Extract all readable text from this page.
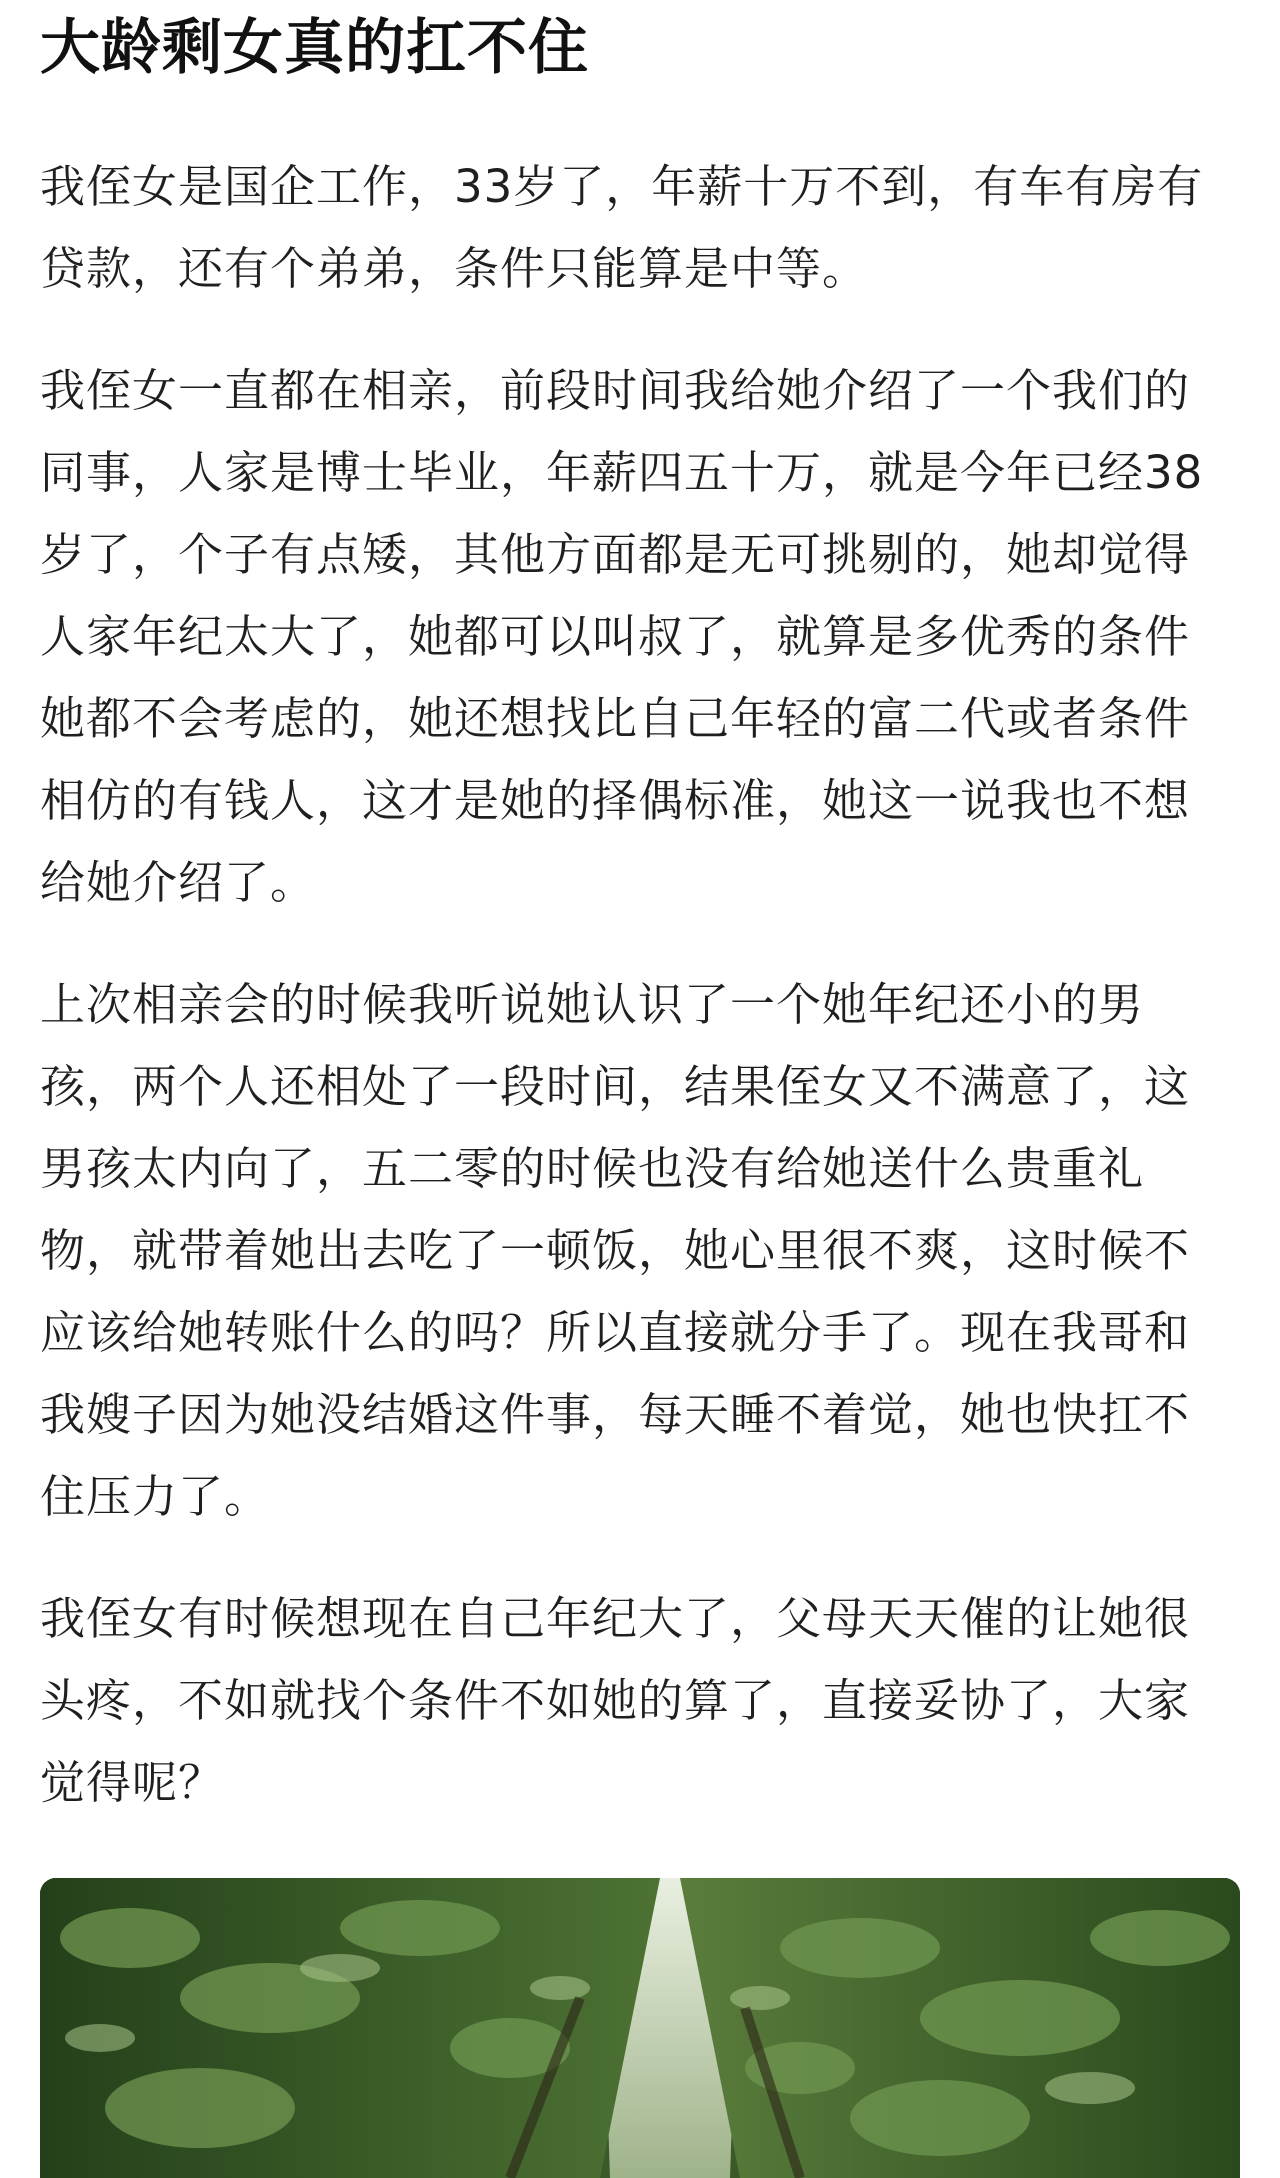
大龄剩女真的扛不住

我侄女是国企工作，33岁了，年薪十万不到，有车有房有贷款，还有个弟弟，条件只能算是中等。

我侄女一直都在相亲，前段时间我给她介绍了一个我们的同事，人家是博士毕业，年薪四五十万，就是今年已经38岁了，个子有点矮，其他方面都是无可挑剔的，她却觉得人家年纪太大了，她都可以叫叔了，就算是多优秀的条件她都不会考虑的，她还想找比自己年轻的富二代或者条件相仿的有钱人，这才是她的择偶标准，她这一说我也不想给她介绍了。

上次相亲会的时候我听说她认识了一个她年纪还小的男孩，两个人还相处了一段时间，结果侄女又不满意了，这男孩太内向了，五二零的时候也没有给她送什么贵重礼物，就带着她出去吃了一顿饭，她心里很不爽，这时候不应该给她转账什么的吗？所以直接就分手了。现在我哥和我嫂子因为她没结婚这件事，每天睡不着觉，她也快扛不住压力了。

我侄女有时候想现在自己年纪大了，父母天天催的让她很头疼，不如就找个条件不如她的算了，直接妥协了，大家觉得呢？
